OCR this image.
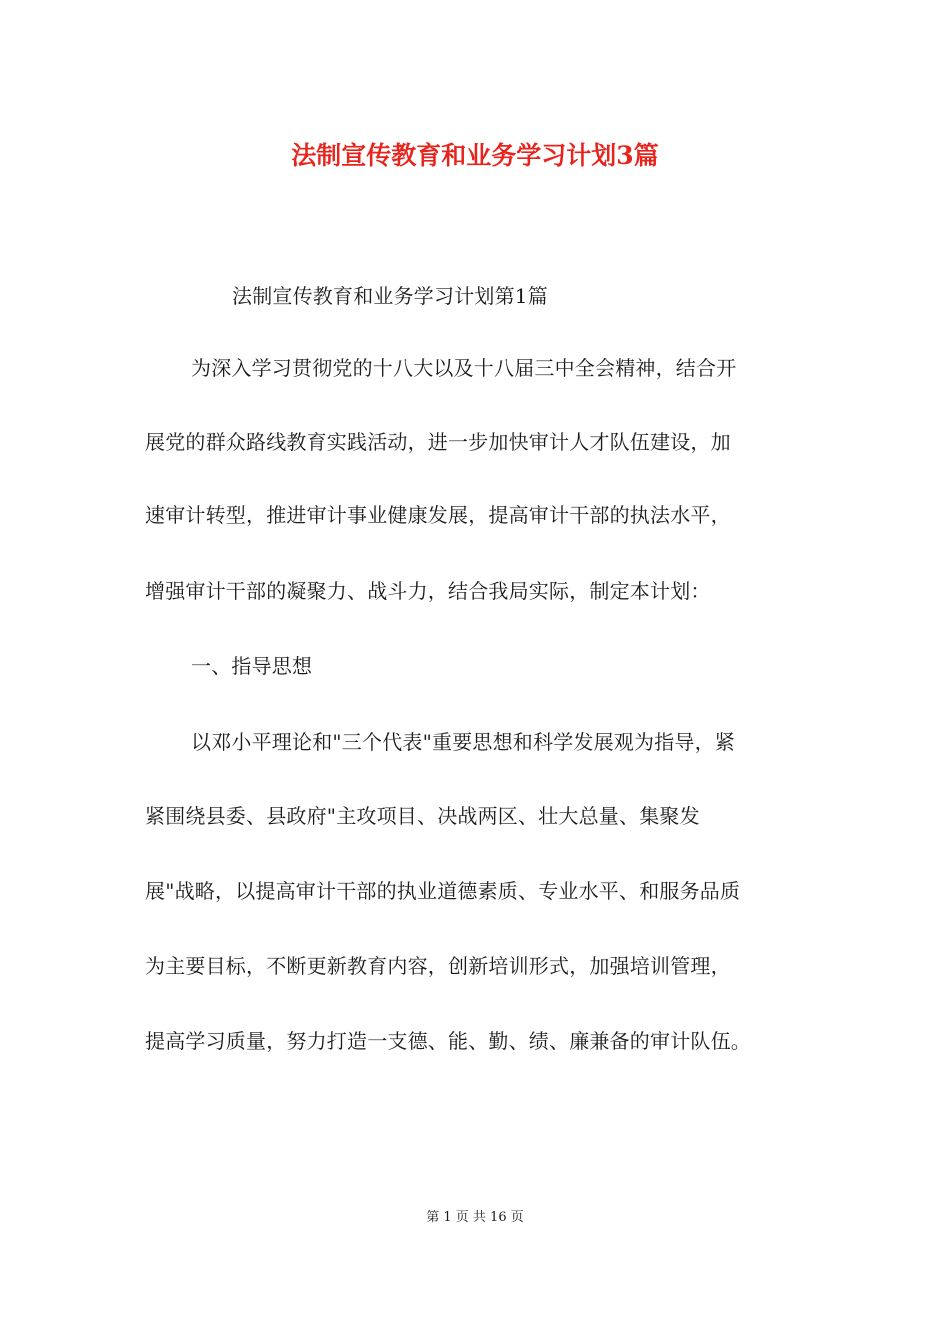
法制宣传教育和业务学习计划3篇
法制宣传教育和业务学习计划第1篇
为深入学习贯彻党的十八大以及十八届三中全会精神，结合开
展党的群众路线教育实践活动，进一步加快审计人才队伍建设，加
速审计转型，推进审计事业健康发展，提高审计干部的执法水平，
增强审计干部的凝聚力、战斗力，结合我局实际，制定本计划：
一、指导思想
以邓小平理论和"三个代表"重要思想和科学发展观为指导，紧
紧围绕县委、县政府"主攻项目、决战两区、壮大总量、集聚发
展"战略，以提高审计干部的执业道德素质、专业水平、和服务品质
为主要目标，不断更新教育内容，创新培训形式，加强培训管理，
提高学习质量，努力打造一支德、能、勤、绩、廉兼备的审计队伍。
第 1 页 共 16 页
